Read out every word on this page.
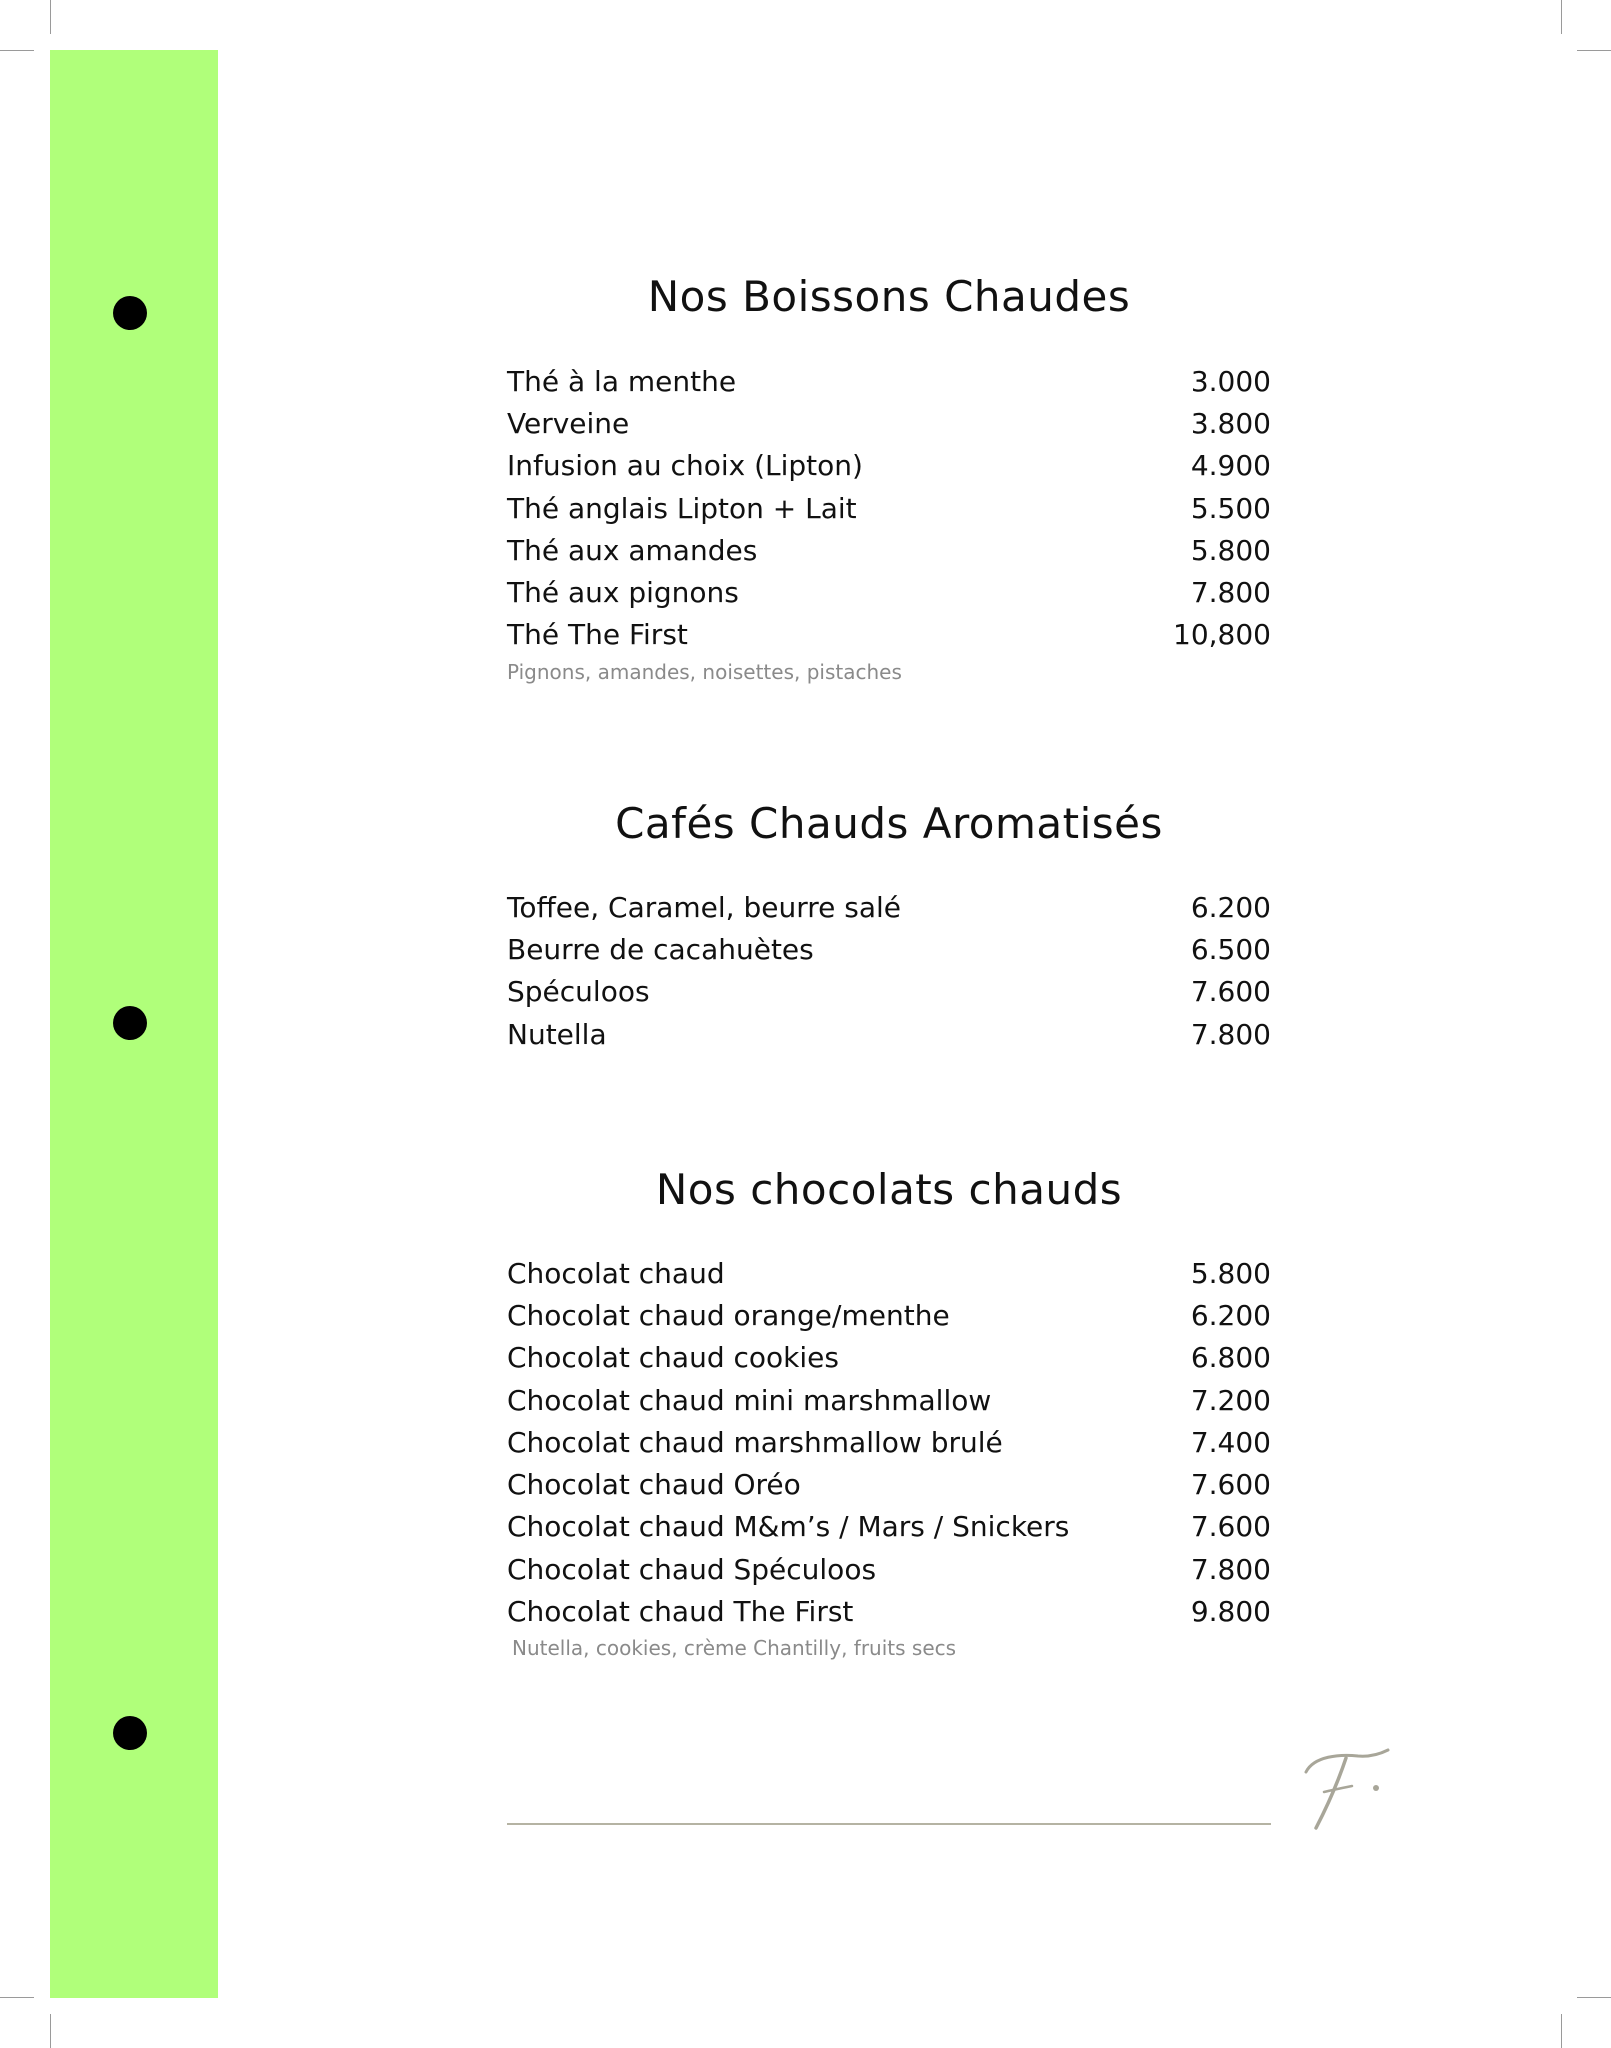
Nos Boissons Chaudes
Thé à la menthe	3.000
Verveine	3.800
Infusion au choix (Lipton)	4.900
Thé anglais Lipton + Lait	5.500
Thé aux amandes	5.800
Thé aux pignons	7.800
Thé The First	10,800
Pignons, amandes, noisettes, pistaches
Cafés Chauds Aromatisés
Toffee, Caramel, beurre salé	6.200
Beurre de cacahuètes	6.500
Spéculoos	7.600
Nutella	7.800
Nos chocolats chauds
Chocolat chaud	5.800
Chocolat chaud orange/menthe	6.200
Chocolat chaud cookies	6.800
Chocolat chaud mini marshmallow	7.200
Chocolat chaud marshmallow brulé	7.400
Chocolat chaud Oréo	7.600
Chocolat chaud M&m’s / Mars / Snickers	7.600
Chocolat chaud Spéculoos	7.800
Chocolat chaud The First	9.800
Nutella, cookies, crème Chantilly, fruits secs
